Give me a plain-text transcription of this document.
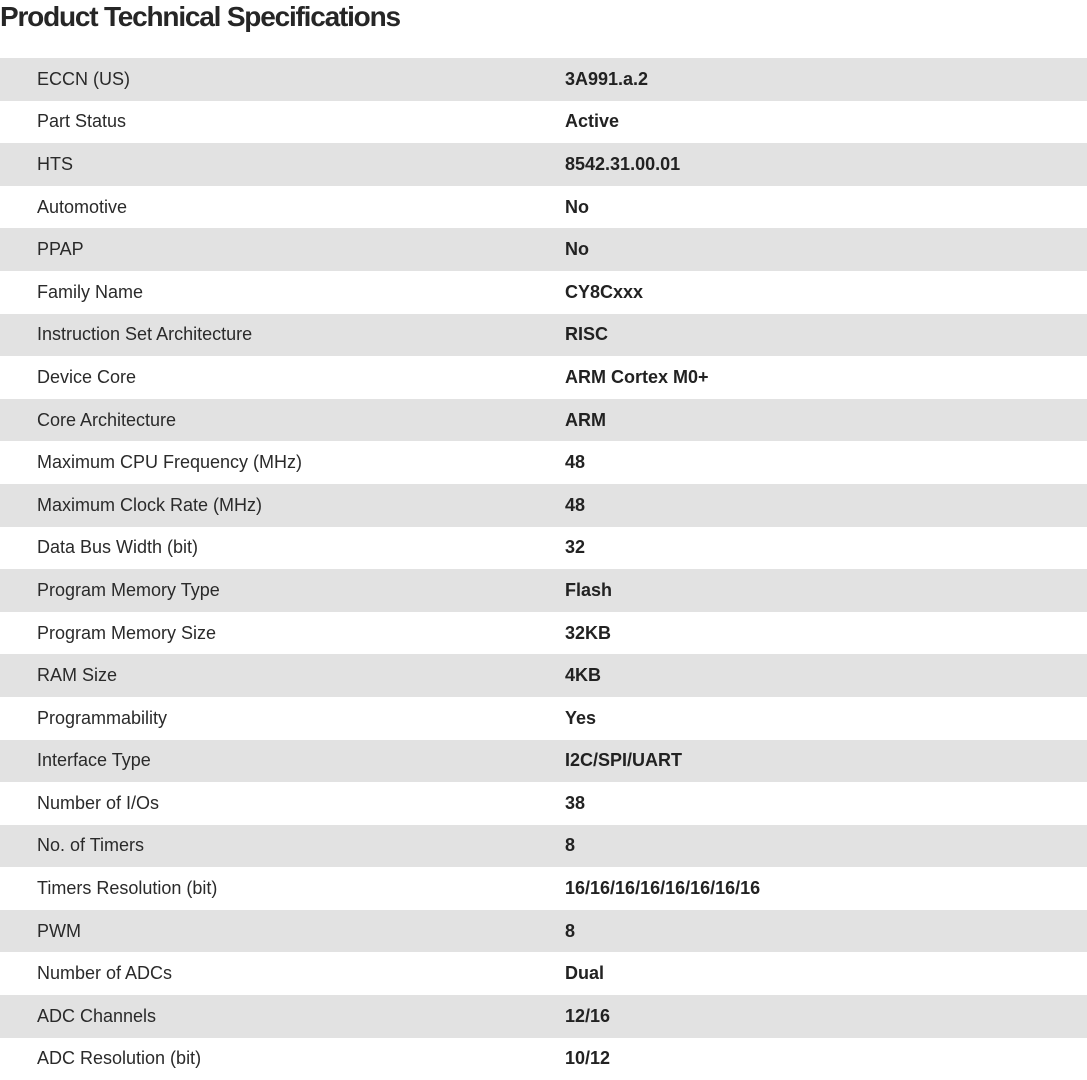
Product Technical Specifications
ECCN (US)	3A991.a.2
Part Status	Active
HTS	8542.31.00.01
Automotive	No
PPAP	No
Family Name	CY8Cxxx
Instruction Set Architecture	RISC
Device Core	ARM Cortex M0+
Core Architecture	ARM
Maximum CPU Frequency (MHz)	48
Maximum Clock Rate (MHz)	48
Data Bus Width (bit)	32
Program Memory Type	Flash
Program Memory Size	32KB
RAM Size	4KB
Programmability	Yes
Interface Type	I2C/SPI/UART
Number of I/Os	38
No. of Timers	8
Timers Resolution (bit)	16/16/16/16/16/16/16/16
PWM	8
Number of ADCs	Dual
ADC Channels	12/16
ADC Resolution (bit)	10/12
